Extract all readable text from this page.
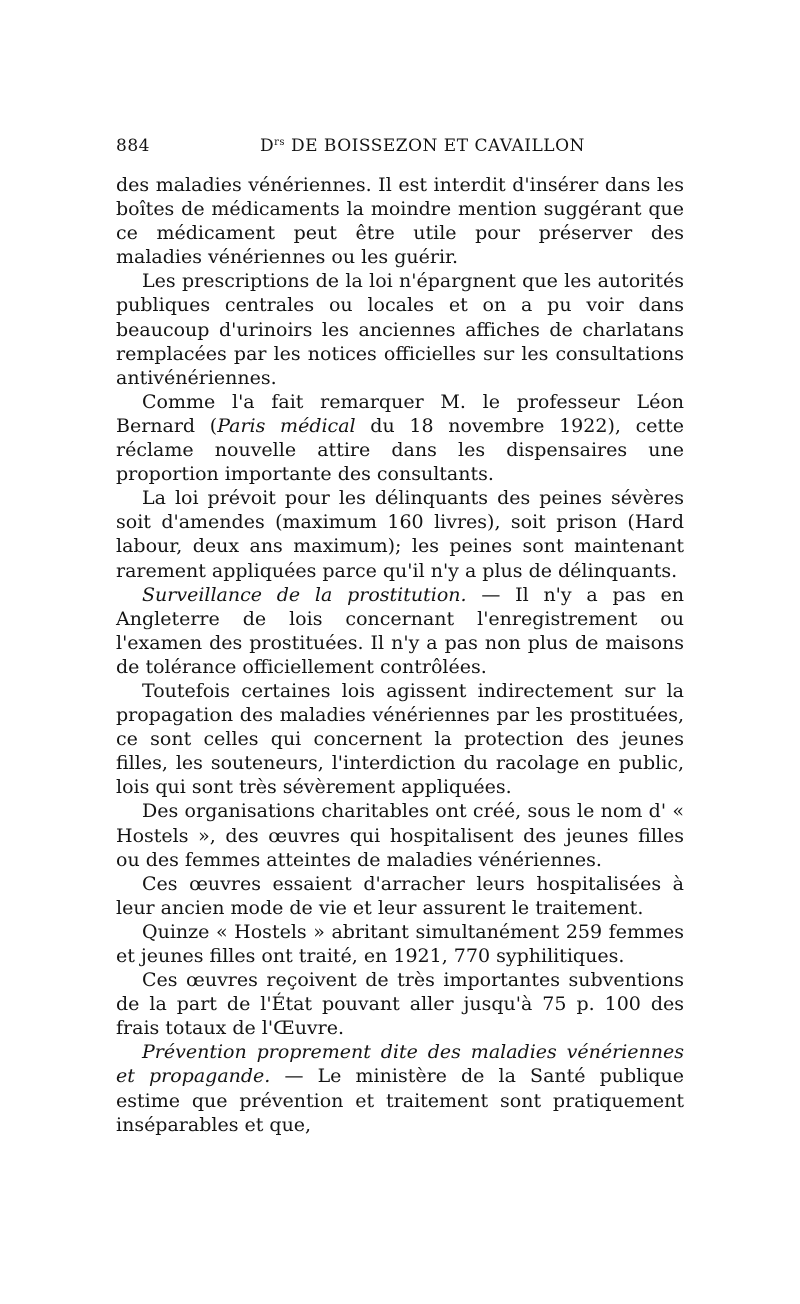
884	$D^{rs}$ DE BOISSEZON ET CAVAILLON

des maladies vénériennes. Il est interdit d'insérer dans les boîtes de médicaments la moindre mention suggérant que ce médicament peut être utile pour préserver des maladies vénériennes ou les guérir.

Les prescriptions de la loi n'épargnent que les autorités publiques centrales ou locales et on a pu voir dans beaucoup d'urinoirs les anciennes affiches de charlatans remplacées par les notices officielles sur les consultations antivénériennes.

Comme l'a fait remarquer M. le professeur Léon Bernard (Paris médical du 18 novembre 1922), cette réclame nouvelle attire dans les dispensaires une proportion importante des consultants.

La loi prévoit pour les délinquants des peines sévères soit d'amendes (maximum 160 livres), soit prison (Hard labour, deux ans maximum); les peines sont maintenant rarement appliquées parce qu'il n'y a plus de délinquants.

Surveillance de la prostitution. — Il n'y a pas en Angleterre de lois concernant l'enregistrement ou l'examen des prostituées. Il n'y a pas non plus de maisons de tolérance officiellement contrôlées.

Toutefois certaines lois agissent indirectement sur la propagation des maladies vénériennes par les prostituées, ce sont celles qui concernent la protection des jeunes filles, les souteneurs, l'interdiction du racolage en public, lois qui sont très sévèrement appliquées.

Des organisations charitables ont créé, sous le nom d' « Hostels », des œuvres qui hospitalisent des jeunes filles ou des femmes atteintes de maladies vénériennes.

Ces œuvres essaient d'arracher leurs hospitalisées à leur ancien mode de vie et leur assurent le traitement.

Quinze « Hostels » abritant simultanément 259 femmes et jeunes filles ont traité, en 1921, 770 syphilitiques.

Ces œuvres reçoivent de très importantes subventions de la part de l'État pouvant aller jusqu'à 75 p. 100 des frais totaux de l'Œuvre.

Prévention proprement dite des maladies vénériennes et propagande. — Le ministère de la Santé publique estime que prévention et traitement sont pratiquement inséparables et que,
